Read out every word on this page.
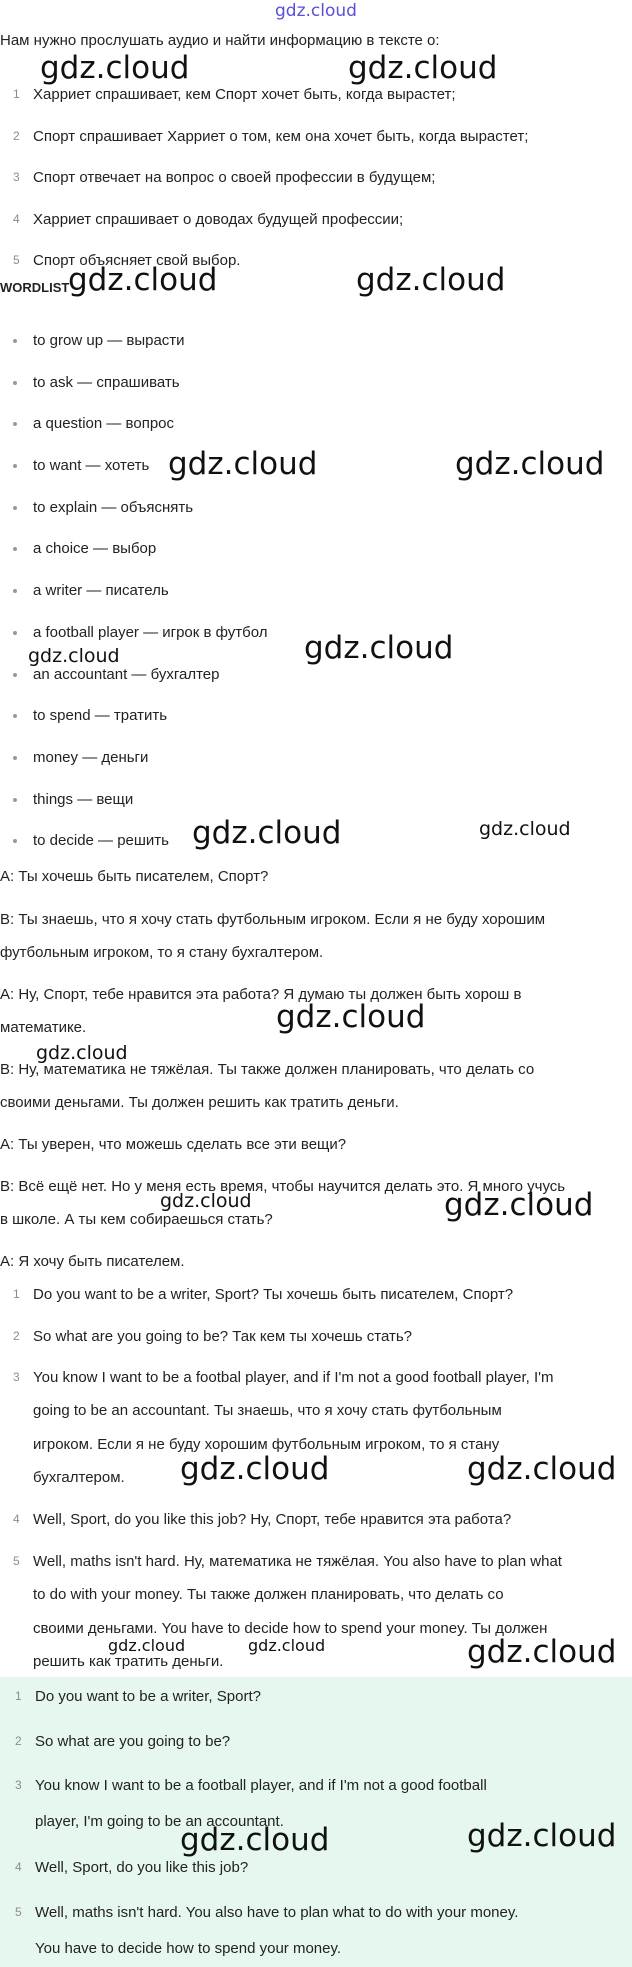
gdz.cloud
Нам нужно прослушать аудио и найти информацию в тексте о:
1 Харриет спрашивает, кем Спорт хочет быть, когда вырастет;
2 Спорт спрашивает Харриет о том, кем она хочет быть, когда вырастет;
3 Спорт отвечает на вопрос о своей профессии в будущем;
4 Харриет спрашивает о доводах будущей профессии;
5 Спорт объясняет свой выбор.
WORDLIST
to grow up — вырасти
to ask — спрашивать
a question — вопрос
to want — хотеть
to explain — объяснять
a choice — выбор
a writer — писатель
a football player — игрок в футбол
an accountant — бухгалтер
to spend — тратить
money — деньги
things — вещи
to decide — решить

A: Ты хочешь быть писателем, Спорт?

B: Ты знаешь, что я хочу стать футбольным игроком. Если я не буду хорошим

футбольным игроком, то я стану бухгалтером.

A: Ну, Спорт, тебе нравится эта работа? Я думаю ты должен быть хорош в

математике.

B: Ну, математика не тяжёлая. Ты также должен планировать, что делать со

своими деньгами. Ты должен решить как тратить деньги.

A: Ты уверен, что можешь сделать все эти вещи?

B: Всё ещё нет. Но у меня есть время, чтобы научится делать это. Я много учусь

в школе. А ты кем собираешься стать?

A: Я хочу быть писателем.

1 Do you want to be a writer, Sport? Ты хочешь быть писателем, Спорт?

2 So what are you going to be? Так кем ты хочешь стать?

3 You know I want to be a footbal player, and if I'm not a good football player, I'm

going to be an accountant. Ты знаешь, что я хочу стать футбольным

игроком. Если я не буду хорошим футбольным игроком, то я стану

бухгалтером.

4 Well, Sport, do you like this job? Ну, Спорт, тебе нравится эта работа?

5 Well, maths isn't hard. Ну, математика не тяжёлая. You also have to plan what

to do with your money. Ты также должен планировать, что делать со

своими деньгами. You have to decide how to spend your money. Ты должен

решить как тратить деньги.

1 Do you want to be a writer, Sport?

2 So what are you going to be?

3 You know I want to be a football player, and if I'm not a good football

player, I'm going to be an accountant.

4 Well, Sport, do you like this job?

5 Well, maths isn't hard. You also have to plan what to do with your money.

You have to decide how to spend your money.

gdz.cloud	gdz.cloud
gdz.cloud	gdz.cloud
gdz.cloud	gdz.cloud
gdz.cloud	gdz.cloud
gdz.cloud	gdz.cloud
gdz.cloud
gdz.cloud
gdz.cloud	gdz.cloud
gdz.cloud	gdz.cloud
gdz.cloud	gdz.cloud	gdz.cloud
gdz.cloud	gdz.cloud
